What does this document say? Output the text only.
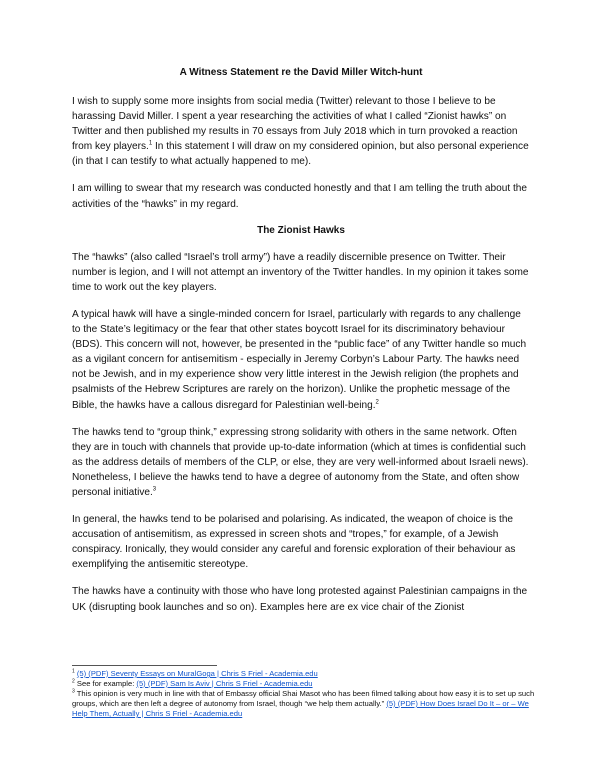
A Witness Statement re the David Miller Witch-hunt

I wish to supply some more insights from social media (Twitter) relevant to those I believe to be harassing David Miller. I spent a year researching the activities of what I called “Zionist hawks” on Twitter and then published my results in 70 essays from July 2018 which in turn provoked a reaction from key players.$^1$ In this statement I will draw on my considered opinion, but also personal experience (in that I can testify to what actually happened to me).

I am willing to swear that my research was conducted honestly and that I am telling the truth about the activities of the “hawks” in my regard.

The Zionist Hawks

The “hawks” (also called “Israel’s troll army”) have a readily discernible presence on Twitter. Their number is legion, and I will not attempt an inventory of the Twitter handles. In my opinion it takes some time to work out the key players.

A typical hawk will have a single-minded concern for Israel, particularly with regards to any challenge to the State’s legitimacy or the fear that other states boycott Israel for its discriminatory behaviour (BDS). This concern will not, however, be presented in the “public face” of any Twitter handle so much as a vigilant concern for antisemitism - especially in Jeremy Corbyn’s Labour Party. The hawks need not be Jewish, and in my experience show very little interest in the Jewish religion (the prophets and psalmists of the Hebrew Scriptures are rarely on the horizon). Unlike the prophetic message of the Bible, the hawks have a callous disregard for Palestinian well-being.$^2$

The hawks tend to “group think,” expressing strong solidarity with others in the same network. Often they are in touch with channels that provide up-to-date information (which at times is confidential such as the address details of members of the CLP, or else, they are very well-informed about Israeli news). Nonetheless, I believe the hawks tend to have a degree of autonomy from the State, and often show personal initiative.$^3$

In general, the hawks tend to be polarised and polarising. As indicated, the weapon of choice is the accusation of antisemitism, as expressed in screen shots and “tropes,” for example, of a Jewish conspiracy. Ironically, they would consider any careful and forensic exploration of their behaviour as exemplifying the antisemitic stereotype.

The hawks have a continuity with those who have long protested against Palestinian campaigns in the UK (disrupting book launches and so on). Examples here are ex vice chair of the Zionist

$^1$ (5) (PDF) Seventy Essays on MuralGoga | Chris S Friel - Academia.edu

$^2$ See for example: (5) (PDF) Sam Is Aviv | Chris S Friel - Academia.edu

$^3$ This opinion is very much in line with that of Embassy official Shai Masot who has been filmed talking about how easy it is to set up such groups, which are then left a degree of autonomy from Israel, though “we help them actually.” (5) (PDF) How Does Israel Do It – or – We Help Them, Actually | Chris S Friel - Academia.edu
